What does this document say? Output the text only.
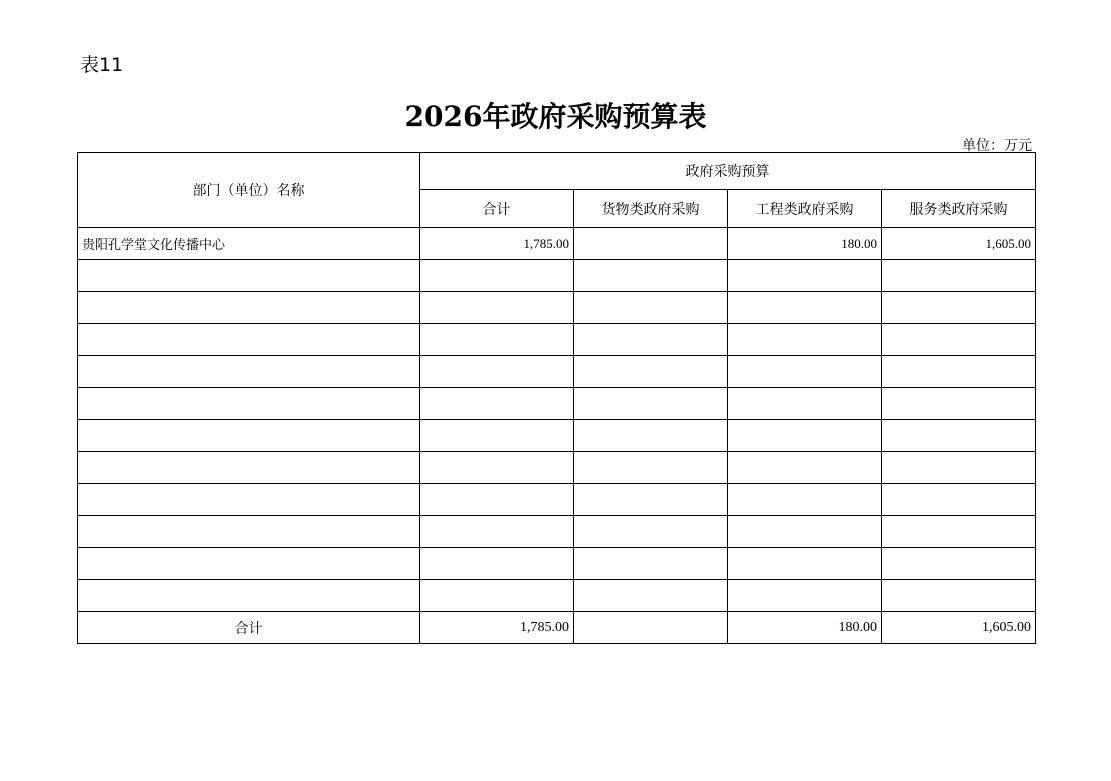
表11
2026年政府采购预算表
单位：万元
部门（单位）名称	政府采购预算			
	合计	货物类政府采购	工程类政府采购	服务类政府采购
贵阳孔学堂文化传播中心	1,785.00		180.00	1,605.00

合计	1,785.00		180.00	1,605.00
